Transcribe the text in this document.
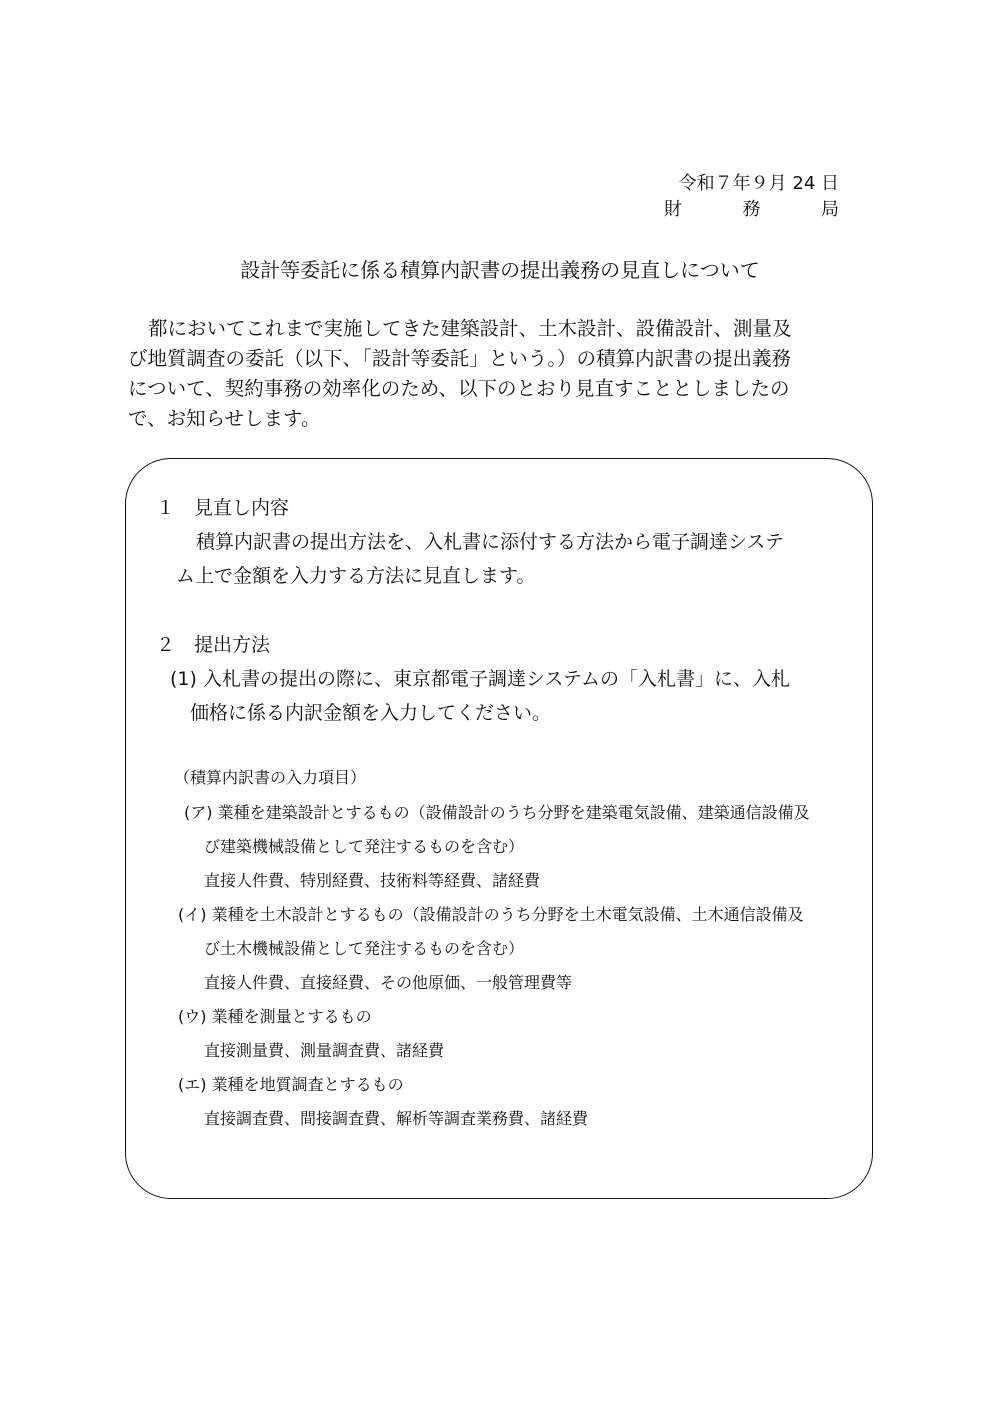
令和７年９月 24 日
財	務	局
設計等委託に係る積算内訳書の提出義務の見直しについて
都においてこれまで実施してきた建築設計、土木設計、設備設計、測量及
び地質調査の委託（以下、「設計等委託」という。）の積算内訳書の提出義務
について、契約事務の効率化のため、以下のとおり見直すこととしましたの
で、お知らせします。
１　見直し内容
積算内訳書の提出方法を、入札書に添付する方法から電子調達システ
ム上で金額を入力する方法に見直します。
２　提出方法
(1) 入札書の提出の際に、東京都電子調達システムの「入札書」に、入札
価格に係る内訳金額を入力してください。
（積算内訳書の入力項目）
(ア) 業種を建築設計とするもの（設備設計のうち分野を建築電気設備、建築通信設備及
び建築機械設備として発注するものを含む）
直接人件費、特別経費、技術料等経費、諸経費
(イ) 業種を土木設計とするもの（設備設計のうち分野を土木電気設備、土木通信設備及
び土木機械設備として発注するものを含む）
直接人件費、直接経費、その他原価、一般管理費等
(ウ) 業種を測量とするもの
直接測量費、測量調査費、諸経費
(エ) 業種を地質調査とするもの
直接調査費、間接調査費、解析等調査業務費、諸経費
